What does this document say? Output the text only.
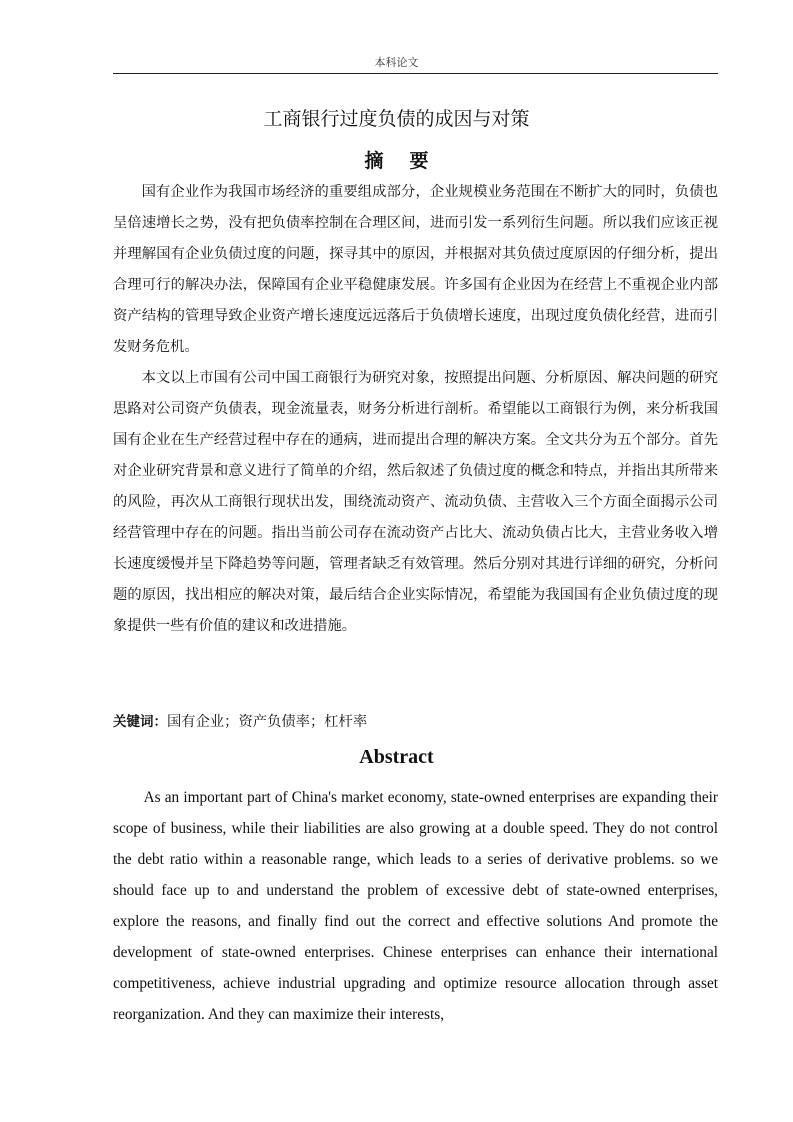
本科论文
工商银行过度负债的成因与对策
摘要

国有企业作为我国市场经济的重要组成部分，企业规模业务范围在不断扩大的同时，负债也呈倍速增长之势，没有把负债率控制在合理区间，进而引发一系列衍生问题。所以我们应该正视并理解国有企业负债过度的问题，探寻其中的原因，并根据对其负债过度原因的仔细分析，提出合理可行的解决办法，保障国有企业平稳健康发展。许多国有企业因为在经营上不重视企业内部资产结构的管理导致企业资产增长速度远远落后于负债增长速度，出现过度负债化经营，进而引发财务危机。

本文以上市国有公司中国工商银行为研究对象，按照提出问题、分析原因、解决问题的研究思路对公司资产负债表，现金流量表，财务分析进行剖析。希望能以工商银行为例，来分析我国国有企业在生产经营过程中存在的通病，进而提出合理的解决方案。全文共分为五个部分。首先对企业研究背景和意义进行了简单的介绍，然后叙述了负债过度的概念和特点，并指出其所带来的风险，再次从工商银行现状出发，围绕流动资产、流动负债、主营收入三个方面全面揭示公司经营管理中存在的问题。指出当前公司存在流动资产占比大、流动负债占比大，主营业务收入增长速度缓慢并呈下降趋势等问题，管理者缺乏有效管理。然后分别对其进行详细的研究，分析问题的原因，找出相应的解决对策，最后结合企业实际情况，希望能为我国国有企业负债过度的现象提供一些有价值的建议和改进措施。

关键词：国有企业；资产负债率；杠杆率
Abstract

As an important part of China's market economy, state-owned enterprises are expanding their scope of business, while their liabilities are also growing at a double speed. They do not control the debt ratio within a reasonable range, which leads to a series of derivative problems. so we should face up to and understand the problem of excessive debt of state-owned enterprises, explore the reasons, and finally find out the correct and effective solutions And promote the development of state-owned enterprises. Chinese enterprises can enhance their international competitiveness, achieve industrial upgrading and optimize resource allocation through asset reorganization. And they can maximize their interests,
